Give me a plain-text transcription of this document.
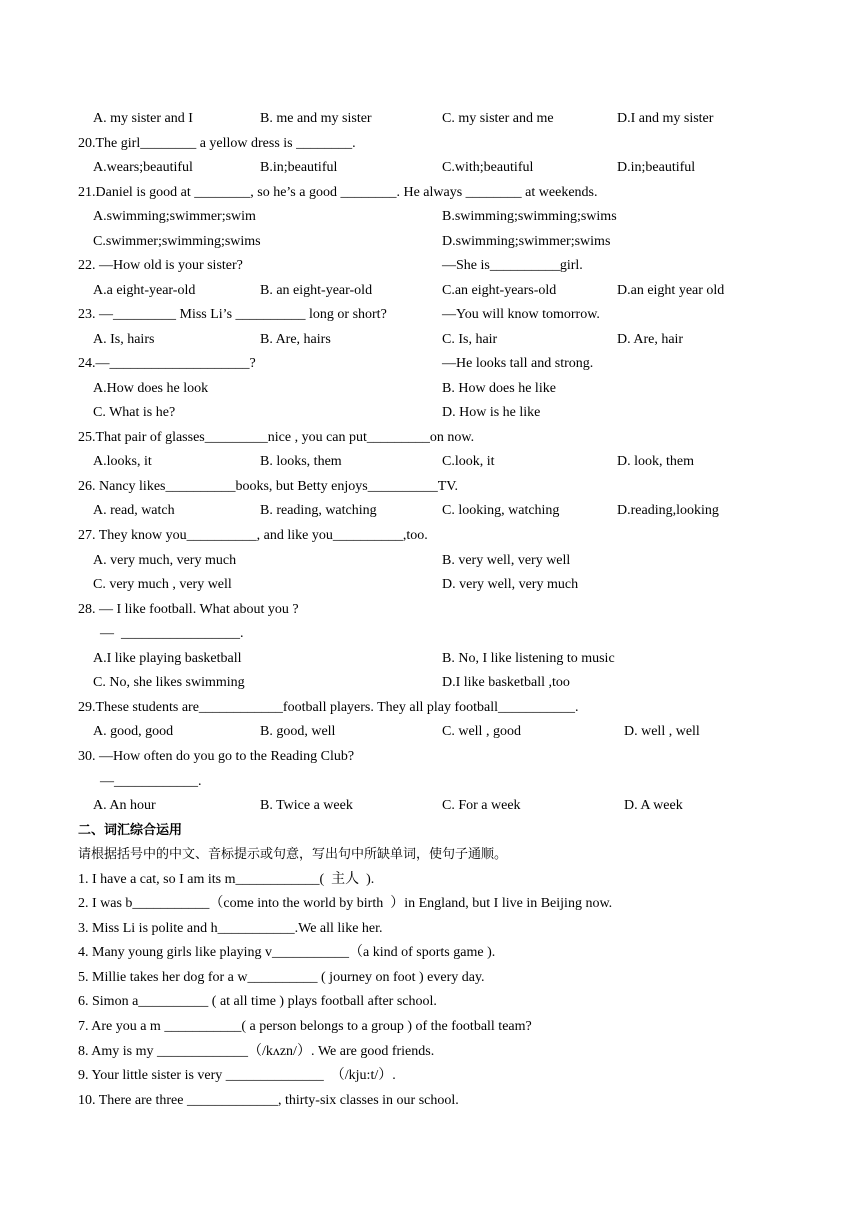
A. my sister and I	B. me and my sister	C. my sister and me	D.I and my sister
20.The girl________ a yellow dress is ________.
A.wears;beautiful	B.in;beautiful	C.with;beautiful	D.in;beautiful
21.Daniel is good at ________, so he’s a good ________. He always ________ at weekends.
A.swimming;swimmer;swim	B.swimming;swimming;swims
C.swimmer;swimming;swims	D.swimming;swimmer;swims
22. —How old is your sister?	—She is__________girl.
A.a eight-year-old	B. an eight-year-old	C.an eight-years-old	D.an eight year old
23. —_________ Miss Li’s __________ long or short?	—You will know tomorrow.
A. Is, hairs	B. Are, hairs	C. Is, hair	D. Are, hair
24.—____________________?	—He looks tall and strong.
A.How does he look	B. How does he like
C. What is he?	D. How is he like
25.That pair of glasses_________nice , you can put_________on now.
A.looks, it	B. looks, them	C.look, it	D. look, them
26. Nancy likes__________books, but Betty enjoys__________TV.
A. read, watch	B. reading, watching	C. looking, watching	D.reading,looking
27. They know you__________, and like you__________,too.
A. very much, very much	B. very well, very well
C. very much , very well	D. very well, very much
28. — I like football. What about you ?
—  _________________.
A.I like playing basketball	B. No, I like listening to music
C. No, she likes swimming	D.I like basketball ,too
29.These students are____________football players. They all play football___________.
A. good, good	B. good, well	C. well , good	D. well , well
30. —How often do you go to the Reading Club?
—____________.
A. An hour	B. Twice a week	C. For a week	D. A week
二、词汇综合运用
请根据括号中的中文、音标提示或句意，写出句中所缺单词，使句子通顺。
1. I have a cat, so I am its m____________(  主人  ).
2. I was b___________（come into the world by birth  ）in England, but I live in Beijing now.
3. Miss Li is polite and h___________.We all like her.
4. Many young girls like playing v___________（a kind of sports game ).
5. Millie takes her dog for a w__________ ( journey on foot ) every day.
6. Simon a__________ ( at all time ) plays football after school.
7. Are you a m ___________( a person belongs to a group ) of the football team?
8. Amy is my _____________（/kʌzn/）. We are good friends.
9. Your little sister is very ______________  （/kju:t/）.
10. There are three _____________, thirty-six classes in our school.
